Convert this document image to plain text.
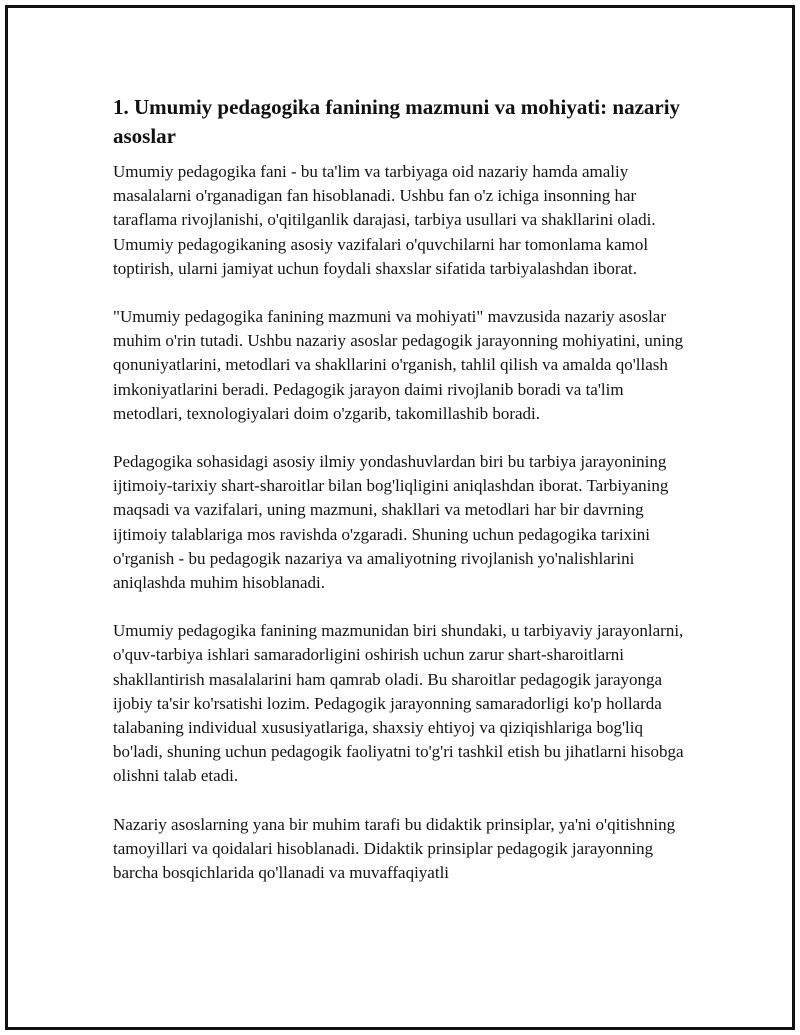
1. Umumiy pedagogika fanining mazmuni va mohiyati: nazariy asoslar

Umumiy pedagogika fani - bu ta'lim va tarbiyaga oid nazariy hamda amaliy masalalarni o'rganadigan fan hisoblanadi. Ushbu fan o'z ichiga insonning har taraflama rivojlanishi, o'qitilganlik darajasi, tarbiya usullari va shakllarini oladi. Umumiy pedagogikaning asosiy vazifalari o'quvchilarni har tomonlama kamol toptirish, ularni jamiyat uchun foydali shaxslar sifatida tarbiyalashdan iborat.

"Umumiy pedagogika fanining mazmuni va mohiyati" mavzusida nazariy asoslar muhim o'rin tutadi. Ushbu nazariy asoslar pedagogik jarayonning mohiyatini, uning qonuniyatlarini, metodlari va shakllarini o'rganish, tahlil qilish va amalda qo'llash imkoniyatlarini beradi. Pedagogik jarayon daimi rivojlanib boradi va ta'lim metodlari, texnologiyalari doim o'zgarib, takomillashib boradi.

Pedagogika sohasidagi asosiy ilmiy yondashuvlardan biri bu tarbiya jarayonining ijtimoiy-tarixiy shart-sharoitlar bilan bog'liqligini aniqlashdan iborat. Tarbiyaning maqsadi va vazifalari, uning mazmuni, shakllari va metodlari har bir davrning ijtimoiy talablariga mos ravishda o'zgaradi. Shuning uchun pedagogika tarixini o'rganish - bu pedagogik nazariya va amaliyotning rivojlanish yo'nalishlarini aniqlashda muhim hisoblanadi.

Umumiy pedagogika fanining mazmunidan biri shundaki, u tarbiyaviy jarayonlarni, o'quv-tarbiya ishlari samaradorligini oshirish uchun zarur shart-sharoitlarni shakllantirish masalalarini ham qamrab oladi. Bu sharoitlar pedagogik jarayonga ijobiy ta'sir ko'rsatishi lozim. Pedagogik jarayonning samaradorligi ko'p hollarda talabaning individual xususiyatlariga, shaxsiy ehtiyoj va qiziqishlariga bog'liq bo'ladi, shuning uchun pedagogik faoliyatni to'g'ri tashkil etish bu jihatlarni hisobga olishni talab etadi.

Nazariy asoslarning yana bir muhim tarafi bu didaktik prinsiplar, ya'ni o'qitishning tamoyillari va qoidalari hisoblanadi. Didaktik prinsiplar pedagogik jarayonning barcha bosqichlarida qo'llanadi va muvaffaqiyatli
